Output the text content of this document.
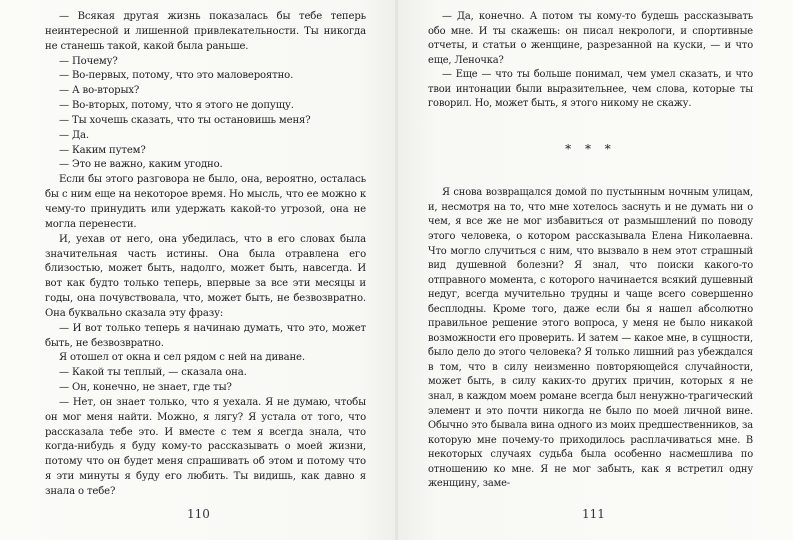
— Всякая другая жизнь показалась бы тебе теперь неинтересной и лишенной привлекательности. Ты никогда не станешь такой, какой была раньше.

— Почему?

— Во-первых, потому, что это маловероятно.

— А во-вторых?

— Во-вторых, потому, что я этого не допущу.

— Ты хочешь сказать, что ты остановишь меня?

— Да.

— Каким путем?

— Это не важно, каким угодно.

Если бы этого разговора не было, она, вероятно, осталась бы с ним еще на некоторое время. Но мысль, что ее можно к чему-то принудить или удержать какой-то угрозой, она не могла перенести.

И, уехав от него, она убедилась, что в его словах была значительная часть истины. Она была отравлена его близостью, может быть, надолго, может быть, навсегда. И вот как будто только теперь, впервые за все эти месяцы и годы, она почувствовала, что, может быть, не безвозвратно. Она буквально сказала эту фразу:

— И вот только теперь я начинаю думать, что это, может быть, не безвозвратно.

Я отошел от окна и сел рядом с ней на диване.

— Какой ты теплый, — сказала она.

— Он, конечно, не знает, где ты?

— Нет, он знает только, что я уехала. Я не думаю, чтобы он мог меня найти. Можно, я лягу? Я устала от того, что рассказала тебе это. И вместе с тем я всегда знала, что когда-нибудь я буду кому-то рассказывать о моей жизни, потому что он будет меня спрашивать об этом и потому что я эти минуты я буду его любить. Ты видишь, как давно я знала о тебе?

— Да, конечно. А потом ты кому-то будешь рассказывать обо мне. И ты скажешь: он писал некрологи, и спортивные отчеты, и статьи о женщине, разрезанной на куски, — и что еще, Леночка?

— Еще — что ты больше понимал, чем умел сказать, и что твои интонации были выразительнее, чем слова, которые ты говорил. Но, может быть, я этого никому не скажу.

* * *

Я снова возвращался домой по пустынным ночным улицам, и, несмотря на то, что мне хотелось заснуть и не думать ни о чем, я все же не мог избавиться от размышлений по поводу этого человека, о котором рассказывала Елена Николаевна. Что могло случиться с ним, что вызвало в нем этот страшный вид душевной болезни? Я знал, что поиски какого-то отправного момента, с которого начинается всякий душевный недуг, всегда мучительно трудны и чаще всего совершенно бесплодны. Кроме того, даже если бы я нашел абсолютно правильное решение этого вопроса, у меня не было никакой возможности его проверить. И затем — какое мне, в сущности, было дело до этого человека? Я только лишний раз убеждался в том, что в силу неизменно повторяющейся случайности, может быть, в силу каких-то других причин, которых я не знал, в каждом моем романе всегда был ненужно-трагический элемент и это почти никогда не было по моей личной вине. Обычно это бывала вина одного из моих предшественников, за которую мне почему-то приходилось расплачиваться мне. В некоторых случаях судьба была особенно насмешлива по отношению ко мне. Я не мог забыть, как я встретил одну женщину, заме-

110	111
